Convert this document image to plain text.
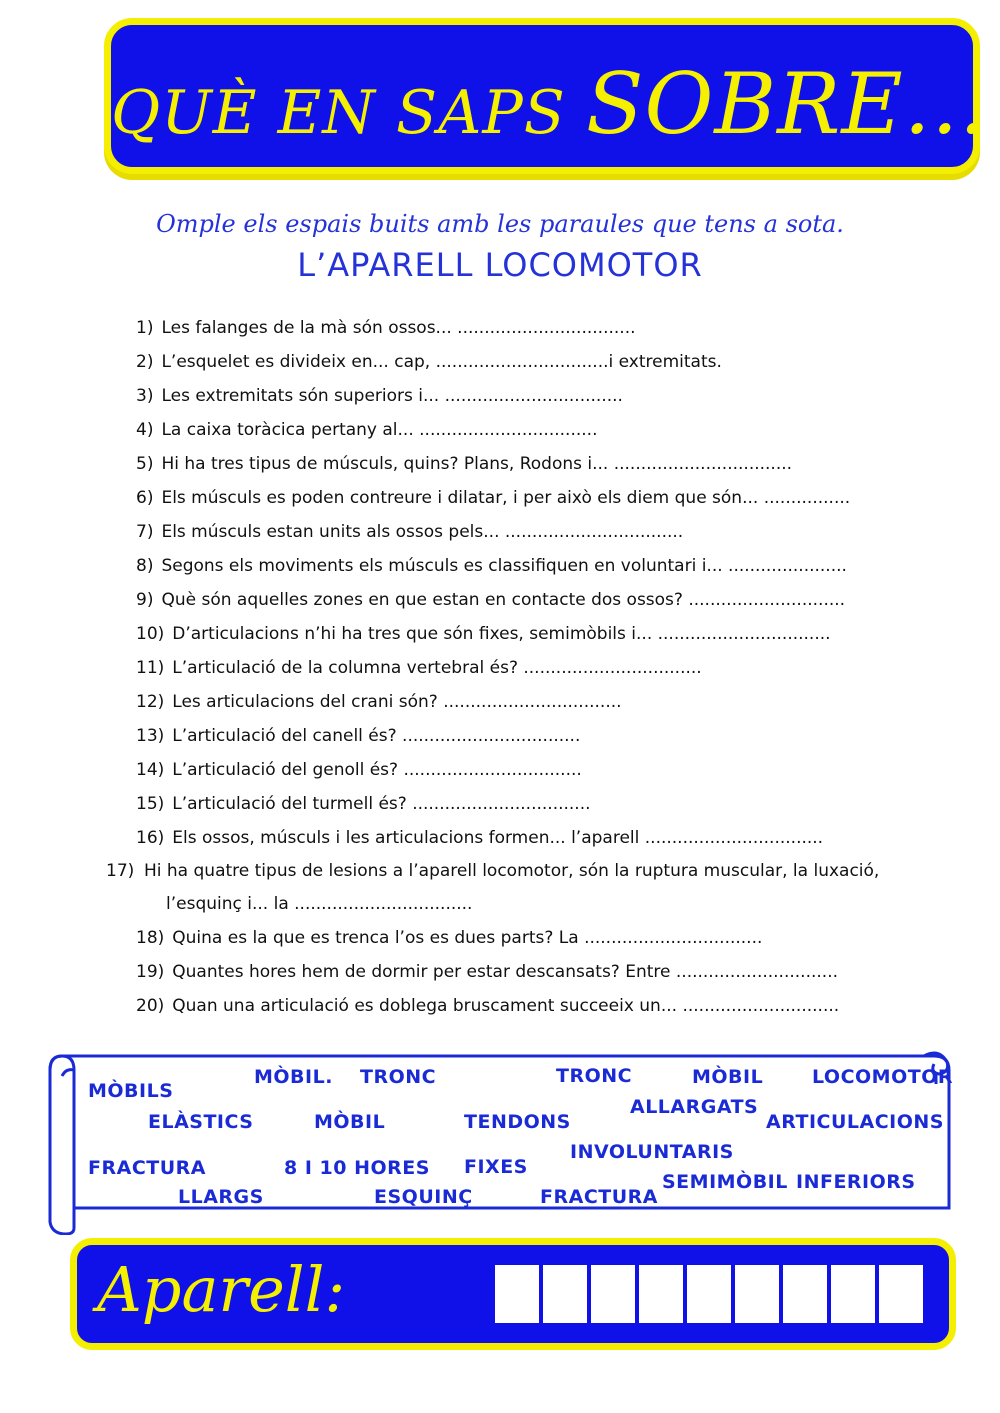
QUÈ EN SAPS SOBRE...
Omple els espais buits amb les paraules que tens a sota.
L’APARELL LOCOMOTOR
1) Les falanges de la mà són ossos... .................................
2) L’esquelet es divideix en... cap, ................................i extremitats.
3) Les extremitats són superiors i... .................................
4) La caixa toràcica pertany al... .................................
5) Hi ha tres tipus de músculs, quins? Plans, Rodons i... .................................
6) Els músculs es poden contreure i dilatar, i per això els diem que són... ................
7) Els músculs estan units als ossos pels... .................................
8) Segons els moviments els músculs es classifiquen en voluntari i... ......................
9) Què són aquelles zones en que estan en contacte dos ossos? .............................
10) D’articulacions n’hi ha tres que són fixes, semimòbils i... ................................
11) L’articulació de la columna vertebral és? .................................
12) Les articulacions del crani són? .................................
13) L’articulació del canell és? .................................
14) L’articulació del genoll és? .................................
15) L’articulació del turmell és? .................................
16) Els ossos, músculs i les articulacions formen... l’aparell .................................
17) Hi ha quatre tipus de lesions a l’aparell locomotor, són la ruptura muscular, la luxació, l’esquinç i... la .................................
18) Quina es la que es trenca l’os es dues parts? La .................................
19) Quantes hores hem de dormir per estar descansats? Entre ..............................
20) Quan una articulació es doblega bruscament succeeix un... .............................
MÒBILS
MÒBIL. TRONC	TRONC	MÒBIL	LOCOMOTOR
ELÀSTICS	MÒBIL	TENDONS
ALLARGATS
ARTICULACIONS
FRACTURA	8 I 10 HORES FIXES
INVOLUNTARIS
SEMIMÒBIL INFERIORS
LLARGS	ESQUINÇ	FRACTURA
Aparell:
